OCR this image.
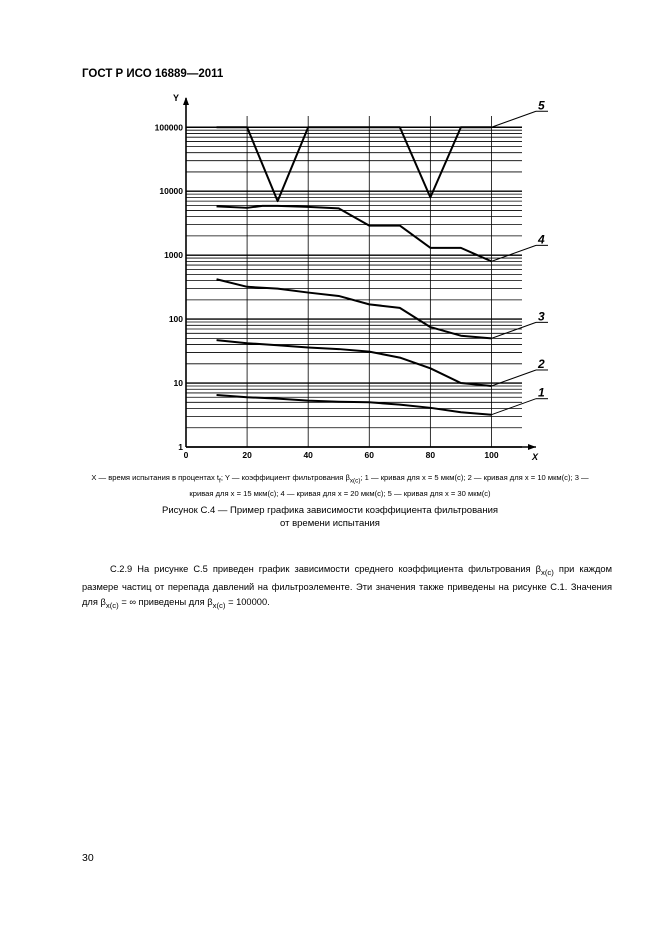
ГОСТ Р ИСО 16889—2011
Y
X
1
10
100
1000
10000
100000
0	20	40	60	80	100
1
2
3
4
5
X — время испытания в процентах $t_f$; Y — коэффициент фильтрования $\beta_{x(c)}$; 1 — кривая для x = 5 мкм(с); 2 — кривая для x = 10 мкм(с); 3 — кривая для x = 15 мкм(с); 4 — кривая для x = 20 мкм(с); 5 — кривая для x = 30 мкм(с)
Рисунок C.4 — Пример графика зависимости коэффициента фильтрования
от времени испытания
C.2.9 На рисунке C.5 приведен график зависимости среднего коэффициента фильтрования $\beta_{x(c)}$ при каждом размере частиц от перепада давлений на фильтроэлементе. Эти значения также приведены на рисунке C.1. Значения для $\beta_{x(c)}$ = ∞ приведены для $\beta_{x(c)} = 100000$.
30
